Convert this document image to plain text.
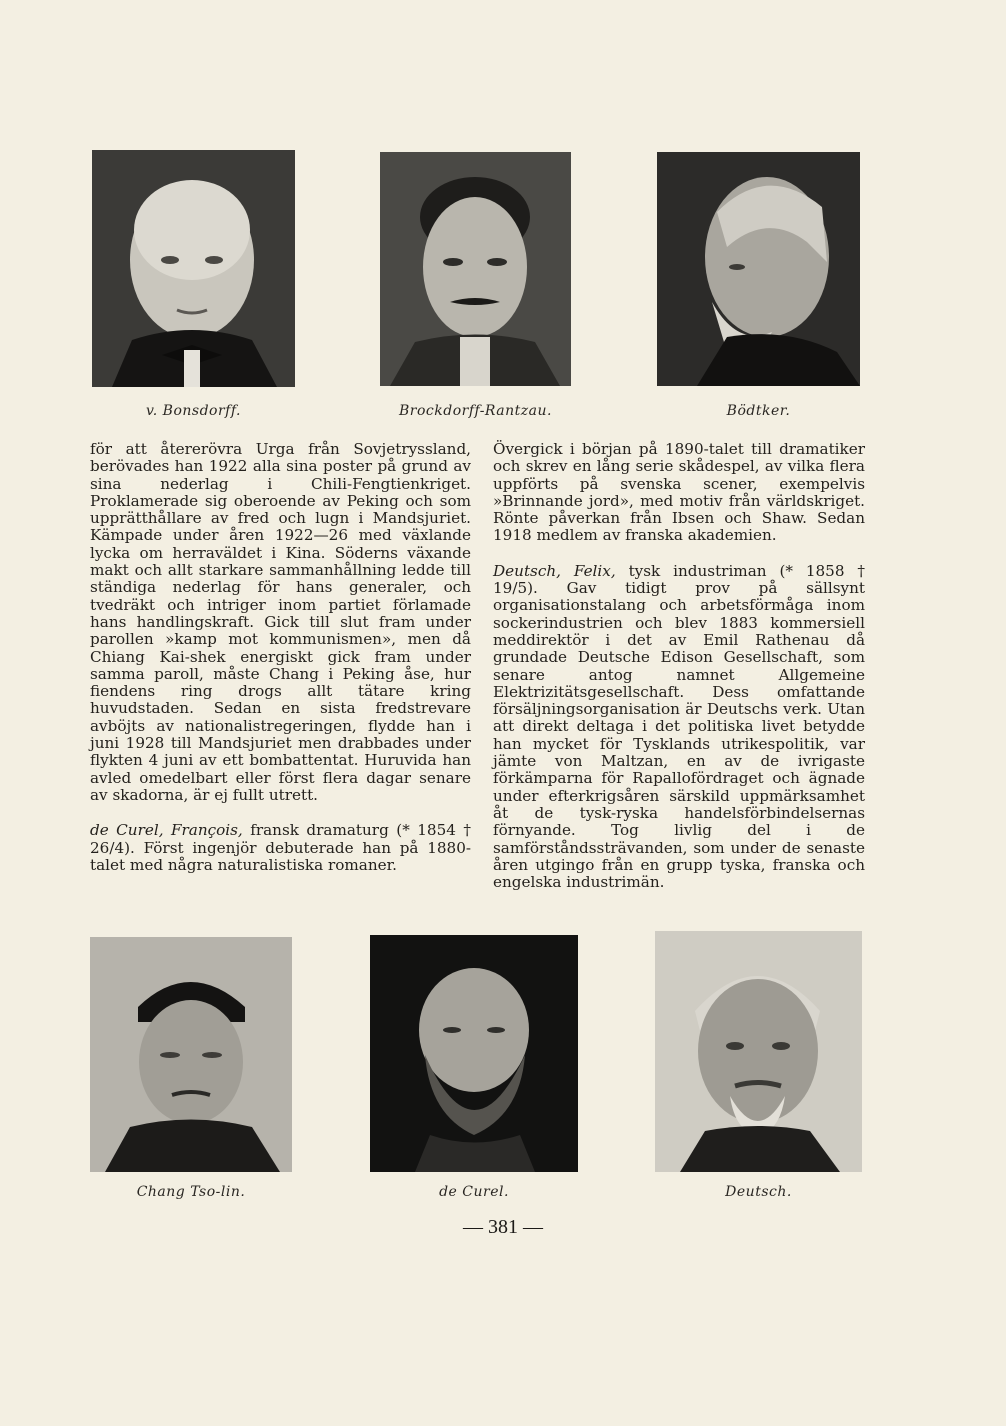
v. Bonsdorff.	Brockdorff-Rantzau.	Bödtker.

för att återerövra Urga från Sovjetryssland, berövades han 1922 alla sina poster på grund av sina nederlag i Chili-Fengtienkriget. Proklamerade sig oberoende av Peking och som upprätthållare av fred och lugn i Mandsjuriet. Kämpade under åren 1922—26 med växlande lycka om herraväldet i Kina. Söderns växande makt och allt starkare sammanhållning ledde till ständiga nederlag för hans generaler, och tvedräkt och intriger inom partiet förlamade hans handlingskraft. Gick till slut fram under parollen »kamp mot kommunismen», men då Chiang Kai-shek energiskt gick fram under samma paroll, måste Chang i Peking åse, hur fiendens ring drogs allt tätare kring huvudstaden. Sedan en sista fredstrevare avböjts av nationalistregeringen, flydde han i juni 1928 till Mandsjuriet men drabbades under flykten 4 juni av ett bombattentat. Huruvida han avled omedelbart eller först flera dagar senare av skadorna, är ej fullt utrett.

de Curel, François, fransk dramaturg (* 1854 † 26/4). Först ingenjör debuterade han på 1880-talet med några naturalistiska romaner.

Övergick i början på 1890-talet till dramatiker och skrev en lång serie skådespel, av vilka flera uppförts på svenska scener, exempelvis »Brinnande jord», med motiv från världskriget. Rönte påverkan från Ibsen och Shaw. Sedan 1918 medlem av franska akademien.

Deutsch, Felix, tysk industriman (* 1858 † 19/5). Gav tidigt prov på sällsynt organisationstalang och arbetsförmåga inom sockerindustrien och blev 1883 kommersiell meddirektör i det av Emil Rathenau då grundade Deutsche Edison Gesellschaft, som senare antog namnet Allgemeine Elektrizitätsgesellschaft. Dess omfattande försäljningsorganisation är Deutschs verk. Utan att direkt deltaga i det politiska livet betydde han mycket för Tysklands utrikespolitik, var jämte von Maltzan, en av de ivrigaste förkämparna för Rapallofördraget och ägnade under efterkrigsåren särskild uppmärksamhet åt de tysk-ryska handelsförbindelsernas förnyande. Tog livlig del i de samförståndssträvanden, som under de senaste åren utgingo från en grupp tyska, franska och engelska industrimän.

Chang Tso-lin.	de Curel.	Deutsch.
— 381 —
